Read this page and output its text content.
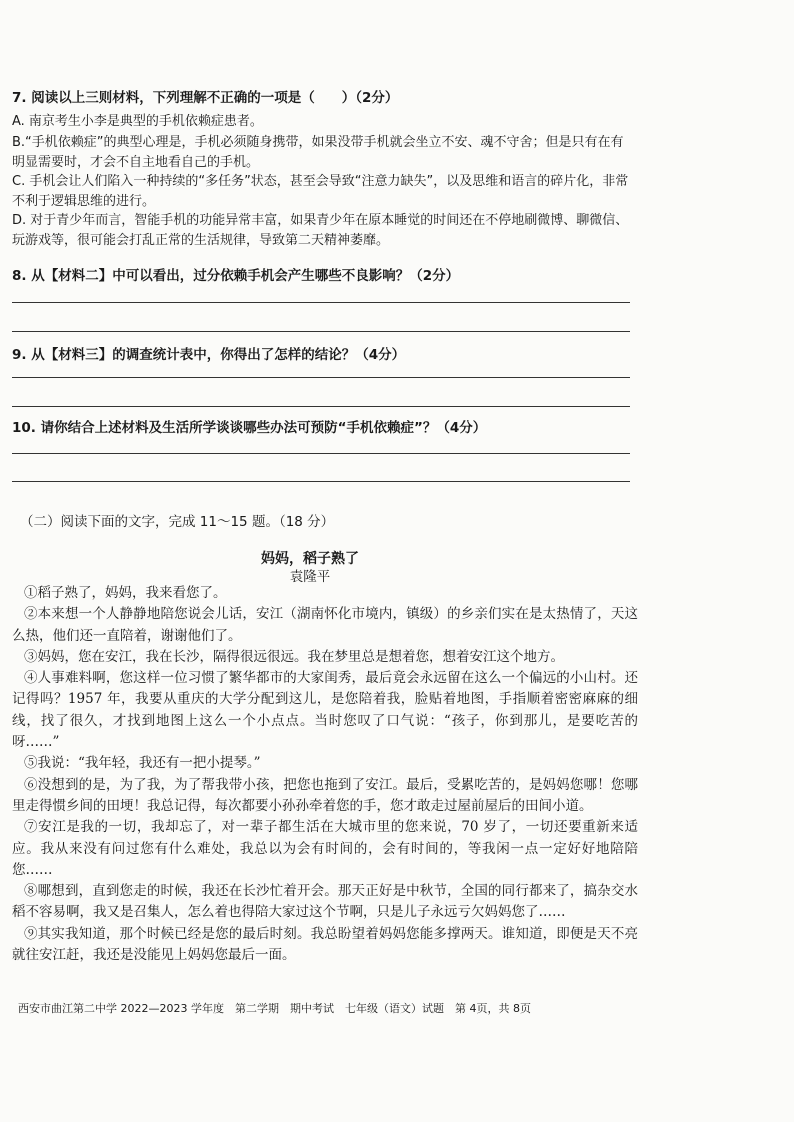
7. 阅读以上三则材料，下列理解不正确的一项是（　　）（2分）
A. 南京考生小李是典型的手机依赖症患者。
B.“手机依赖症”的典型心理是，手机必须随身携带，如果没带手机就会坐立不安、魂不守舍；但是只有在有明显需要时，才会不自主地看自己的手机。
C. 手机会让人们陷入一种持续的“多任务”状态，甚至会导致“注意力缺失”，以及思维和语言的碎片化，非常不利于逻辑思维的进行。
D. 对于青少年而言，智能手机的功能异常丰富，如果青少年在原本睡觉的时间还在不停地刷微博、聊微信、玩游戏等，很可能会打乱正常的生活规律，导致第二天精神萎靡。
8. 从【材料二】中可以看出，过分依赖手机会产生哪些不良影响？（2分）
9. 从【材料三】的调查统计表中，你得出了怎样的结论？（4分）
10. 请你结合上述材料及生活所学谈谈哪些办法可预防“手机依赖症”？（4分）
（二）阅读下面的文字，完成 11～15 题。（18 分）
妈妈，稻子熟了
袁隆平

①稻子熟了，妈妈，我来看您了。

②本来想一个人静静地陪您说会儿话，安江（湖南怀化市境内，镇级）的乡亲们实在是太热情了，天这么热，他们还一直陪着，谢谢他们了。

③妈妈，您在安江，我在长沙，隔得很远很远。我在梦里总是想着您，想着安江这个地方。

④人事难料啊，您这样一位习惯了繁华都市的大家闺秀，最后竟会永远留在这么一个偏远的小山村。还记得吗？1957 年，我要从重庆的大学分配到这儿，是您陪着我，脸贴着地图，手指顺着密密麻麻的细线，找了很久，才找到地图上这么一个小点点。当时您叹了口气说：“孩子，你到那儿，是要吃苦的呀……”

⑤我说：“我年轻，我还有一把小提琴。”

⑥没想到的是，为了我，为了帮我带小孩，把您也拖到了安江。最后，受累吃苦的，是妈妈您哪！您哪里走得惯乡间的田埂！我总记得，每次都要小孙孙牵着您的手，您才敢走过屋前屋后的田间小道。

⑦安江是我的一切，我却忘了，对一辈子都生活在大城市里的您来说，70 岁了，一切还要重新来适应。我从来没有问过您有什么难处，我总以为会有时间的，会有时间的，等我闲一点一定好好地陪陪您……

⑧哪想到，直到您走的时候，我还在长沙忙着开会。那天正好是中秋节，全国的同行都来了，搞杂交水稻不容易啊，我又是召集人，怎么着也得陪大家过这个节啊，只是儿子永远亏欠妈妈您了……

⑨其实我知道，那个时候已经是您的最后时刻。我总盼望着妈妈您能多撑两天。谁知道，即便是天不亮就往安江赶，我还是没能见上妈妈您最后一面。

西安市曲江第二中学 2022—2023 学年度　第二学期　期中考试　七年级（语文）试题　第 4页，共 8页
